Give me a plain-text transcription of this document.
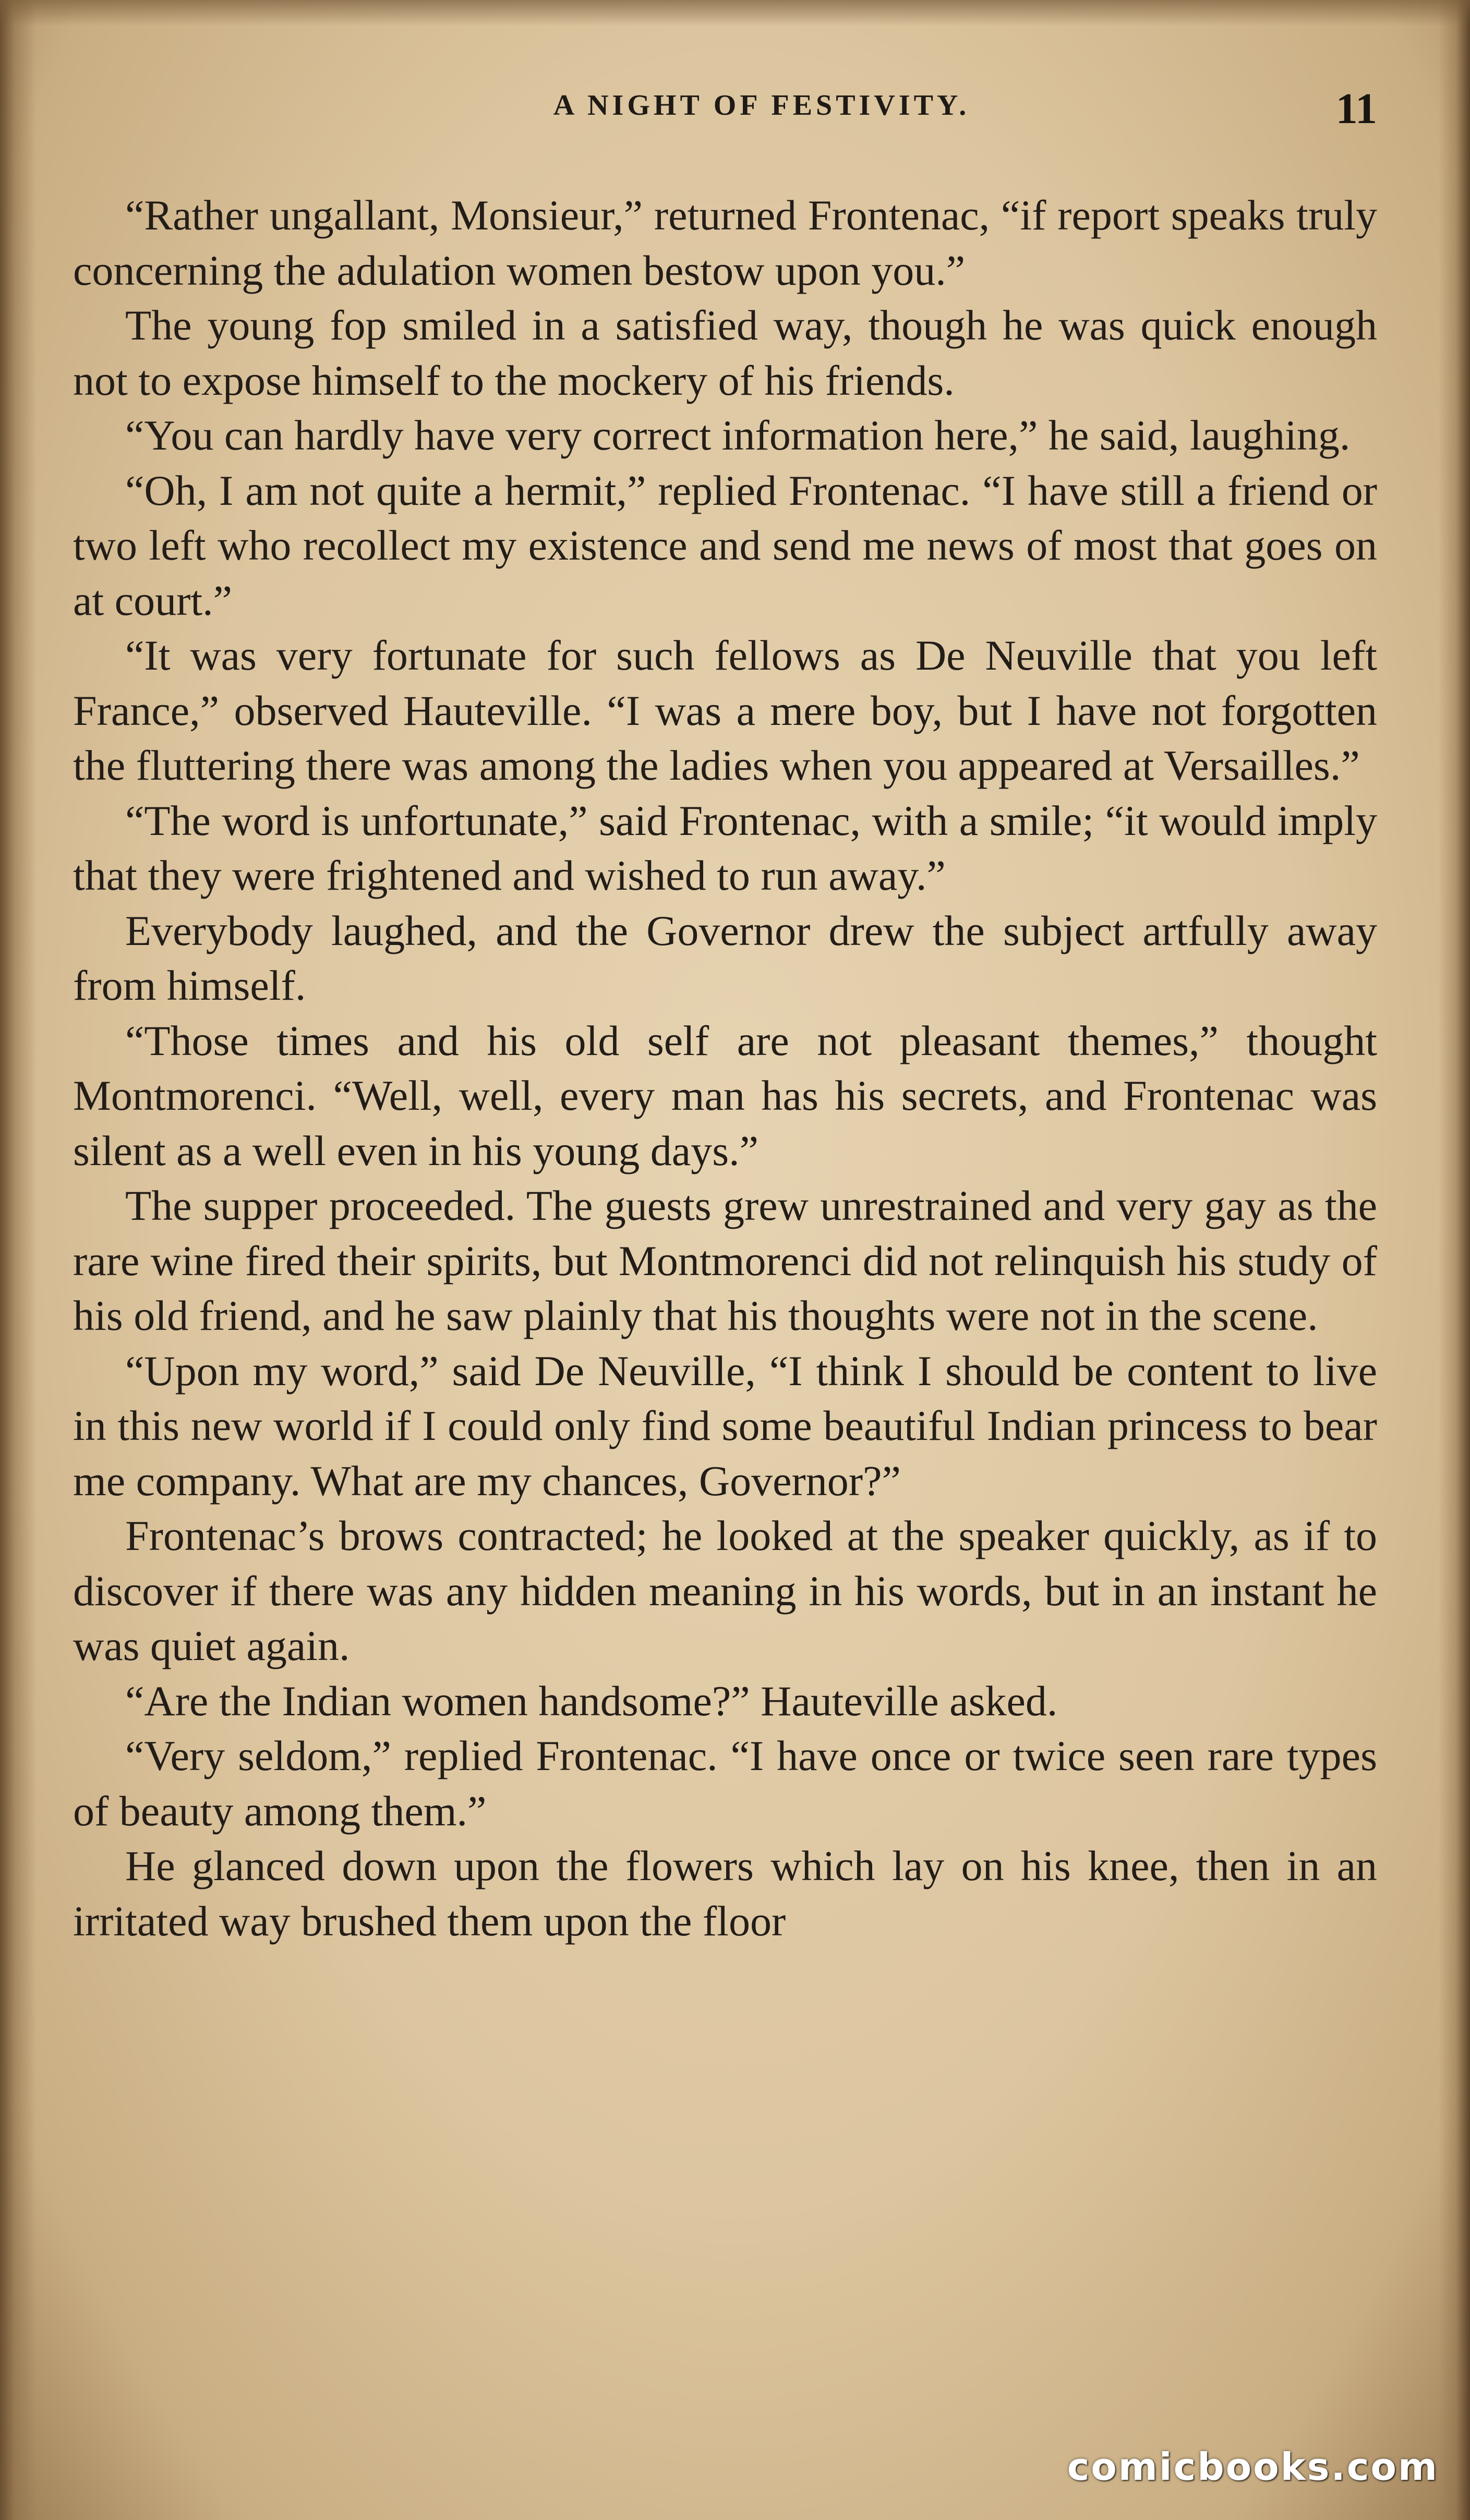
A NIGHT OF FESTIVITY.	11

“Rather ungallant, Monsieur,” returned Frontenac, “if report speaks truly concerning the adulation women bestow upon you.”

The young fop smiled in a satisfied way, though he was quick enough not to expose himself to the mockery of his friends.

“You can hardly have very correct information here,” he said, laughing.

“Oh, I am not quite a hermit,” replied Frontenac. “I have still a friend or two left who recollect my existence and send me news of most that goes on at court.”

“It was very fortunate for such fellows as De Neuville that you left France,” observed Hauteville. “I was a mere boy, but I have not forgotten the fluttering there was among the ladies when you appeared at Versailles.”

“The word is unfortunate,” said Frontenac, with a smile; “it would imply that they were frightened and wished to run away.”

Everybody laughed, and the Governor drew the subject artfully away from himself.

“Those times and his old self are not pleasant themes,” thought Montmorenci. “Well, well, every man has his secrets, and Frontenac was silent as a well even in his young days.”

The supper proceeded. The guests grew unrestrained and very gay as the rare wine fired their spirits, but Montmorenci did not relinquish his study of his old friend, and he saw plainly that his thoughts were not in the scene.

“Upon my word,” said De Neuville, “I think I should be content to live in this new world if I could only find some beautiful Indian princess to bear me company. What are my chances, Governor?”

Frontenac’s brows contracted; he looked at the speaker quickly, as if to discover if there was any hidden meaning in his words, but in an instant he was quiet again.

“Are the Indian women handsome?” Hauteville asked.

“Very seldom,” replied Frontenac. “I have once or twice seen rare types of beauty among them.”

He glanced down upon the flowers which lay on his knee, then in an irritated way brushed them upon the floor

comicbooks.com
